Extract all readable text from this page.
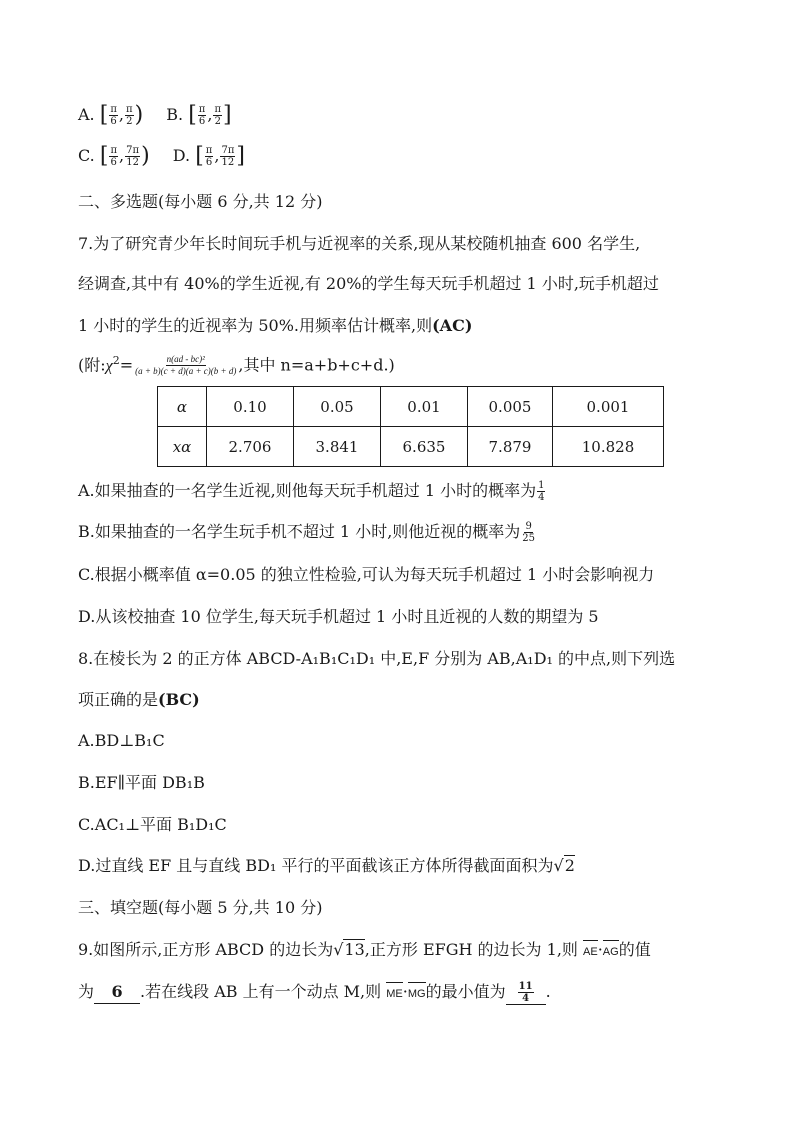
A. [ $\frac{\pi}{6}$ , $\frac{\pi}{2}$ ) B. [ $\frac{\pi}{6}$ , $\frac{\pi}{2}$ ]
C. [ $\frac{\pi}{6}$ , $\frac{7\pi}{12}$ ) D. [ $\frac{\pi}{6}$ , $\frac{7\pi}{12}$ ]
二、多选题(每小题 6 分,共 12 分)
7.为了研究青少年长时间玩手机与近视率的关系,现从某校随机抽查 600 名学生,
经调查,其中有 40%的学生近视,有 20%的学生每天玩手机超过 1 小时,玩手机超过
1 小时的学生的近视率为 50%.用频率估计概率,则(AC)
(附$:\chi^2= \frac{\text{n(ad - bc)²}}{(a + b)(c + d)(a + c)(b + d)}$ ,其中 n=a+b+c+d.)
α	0.10	0.05	0.01	0.005	0.001
xα	2.706	3.841	6.635	7.879	10.828
A.如果抽查的一名学生近视,则他每天玩手机超过 1 小时的概率为 $\frac{1}{4}$
B.如果抽查的一名学生玩手机不超过 1 小时,则他近视的概率为 $\frac{9}{25}$
C.根据小概率值 α=0.05 的独立性检验,可认为每天玩手机超过 1 小时会影响视力
D.从该校抽查 10 位学生,每天玩手机超过 1 小时且近视的人数的期望为 5
8.在棱长为 2 的正方体 ABCD-A₁B₁C₁D₁ 中,E,F 分别为 AB,A₁D₁ 的中点,则下列选
项正确的是(BC)
A.BD⊥B₁C
B.EF∥平面 DB₁B
C.AC₁⊥平面 B₁D₁C
D.过直线 EF 且与直线 BD₁ 平行的平面截该正方体所得截面面积为√2
三、填空题(每小题 5 分,共 10 分)
9.如图所示,正方形 ABCD 的边长为√13,正方形 EFGH 的边长为 1,则 AE·AG的值
为 6 .若在线段 AB 上有一个动点 M,则 ME·MG的最小值为 $\frac{11}{4}$ .
